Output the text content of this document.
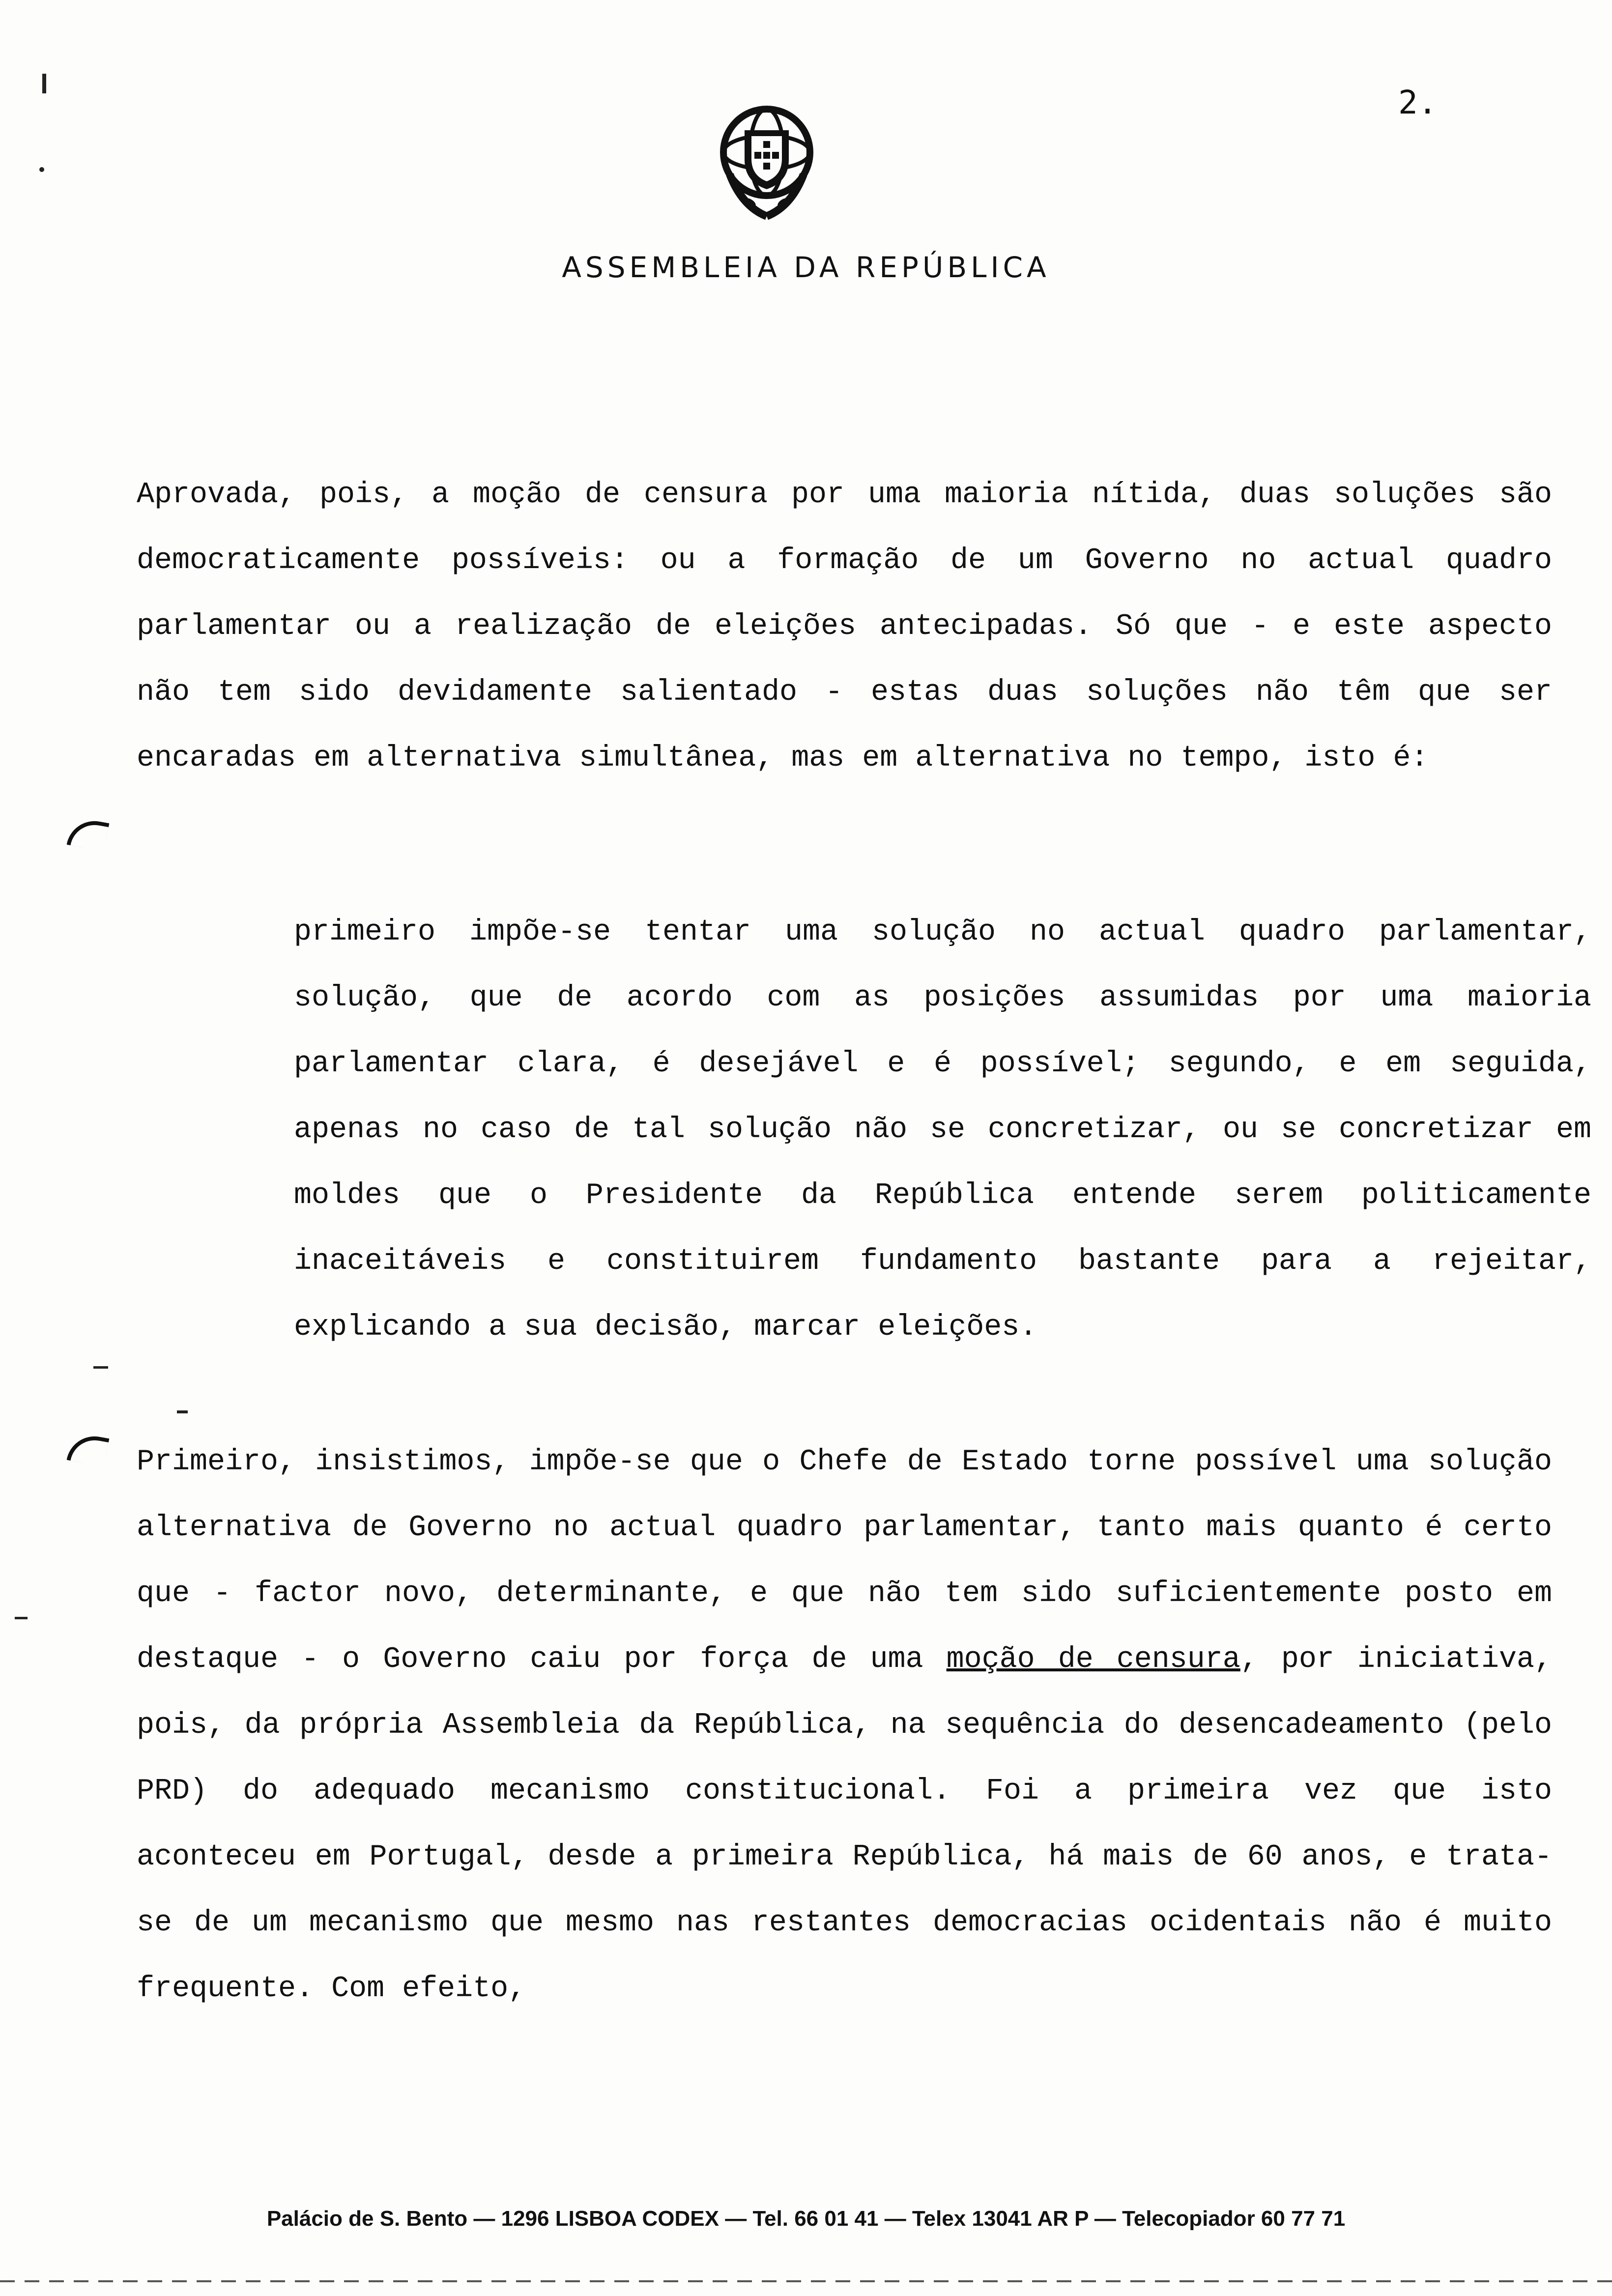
2.

ASSEMBLEIA DA REPÚBLICA

Aprovada, pois, a moção de censura por uma maioria nítida, duas soluções são democraticamente possíveis: ou a formação de um Governo no actual quadro parlamentar ou a realização de eleições antecipadas. Só que - e este aspecto não tem sido devidamente salientado - estas duas soluções não têm que ser encaradas em alternativa simultânea, mas em alternativa no tempo, isto é:

primeiro impõe-se tentar uma solução no actual quadro parlamentar, solução, que de acordo com as posições assumidas por uma maioria parlamentar clara, é desejável e é possível; segundo, e em seguida, apenas no caso de tal solução não se concretizar, ou se concretizar em moldes que o Presidente da República entende serem politicamente inaceitáveis e constituirem fundamento bastante para a rejeitar, explicando a sua decisão, marcar eleições.

Primeiro, insistimos, impõe-se que o Chefe de Estado torne possível uma solução alternativa de Governo no actual quadro parlamentar, tanto mais quanto é certo que - factor novo, determinante, e que não tem sido suficientemente posto em destaque - o Governo caiu por força de uma moção de censura, por iniciativa, pois, da própria Assembleia da República, na sequência do desencadeamento (pelo PRD) do adequado mecanismo constitucional. Foi a primeira vez que isto aconteceu em Portugal, desde a primeira República, há mais de 60 anos, e trata-se de um mecanismo que mesmo nas restantes democracias ocidentais não é muito frequente. Com efeito,

Palácio de S. Bento — 1296 LISBOA CODEX — Tel. 66 01 41 — Telex 13041 AR P — Telecopiador 60 77 71
